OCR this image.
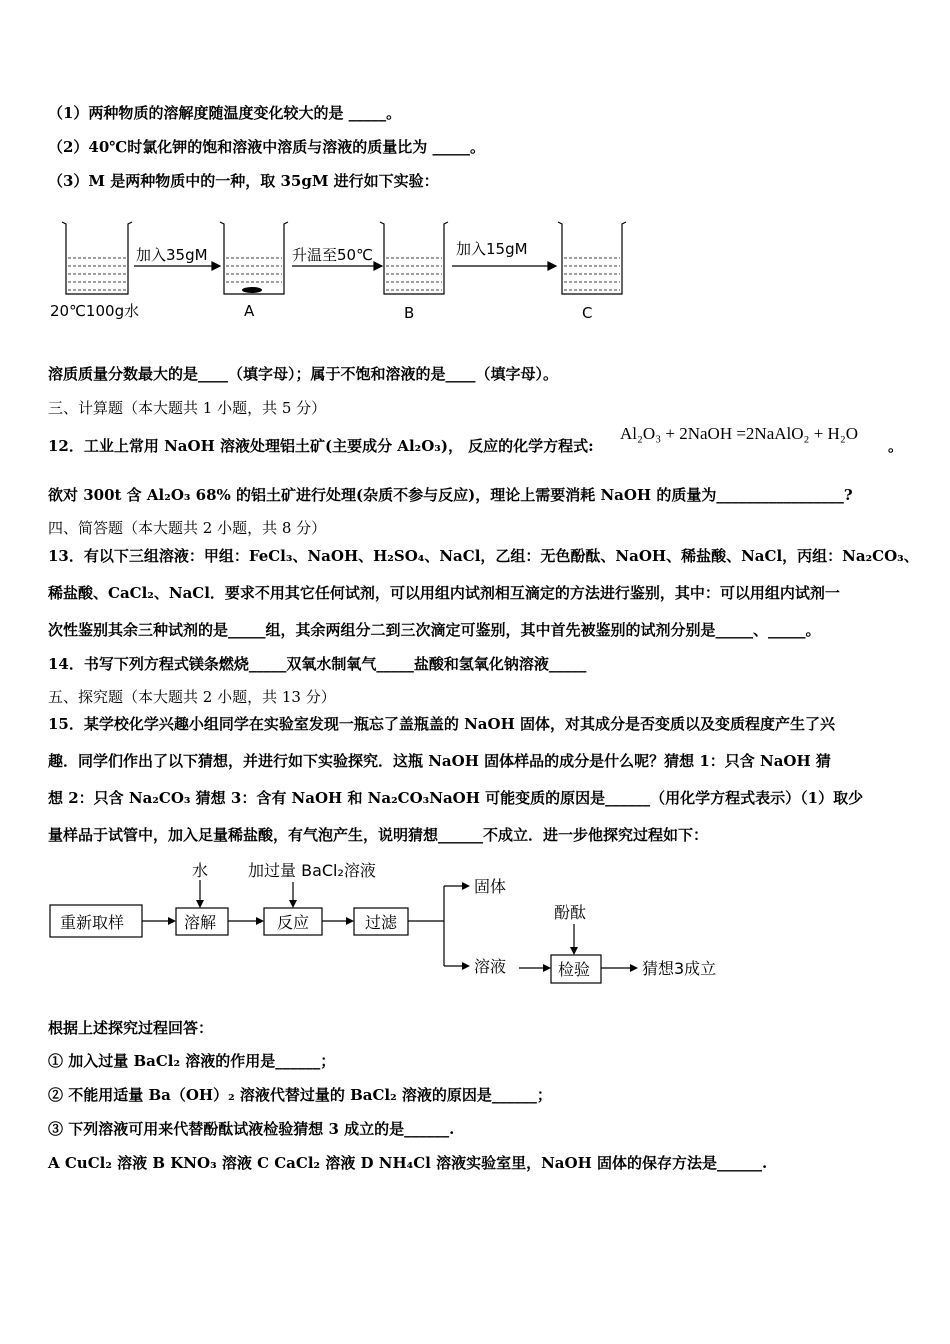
（1）两种物质的溶解度随温度变化较大的是 _____。
（2）40℃时氯化钾的饱和溶液中溶质与溶液的质量比为 _____。
（3）M 是两种物质中的一种，取 35gM 进行如下实验：
加入35gM	升温至50℃	加入15gM
20℃100g水	A	B	C
溶质质量分数最大的是____（填字母）；属于不饱和溶液的是____（填字母）。
三、计算题（本大题共 1 小题，共 5 分）
12．工业上常用 NaOH 溶液处理铝土矿(主要成分 Al₂O₃)， 反应的化学方程式:
Al₂O₃ + 2NaOH =2NaAlO₂ + H₂O
。
欲对 300t 含 Al₂O₃ 68% 的铝土矿进行处理(杂质不参与反应)，理论上需要消耗 NaOH 的质量为_________________?
四、简答题（本大题共 2 小题，共 8 分）
13．有以下三组溶液：甲组：FeCl₃、NaOH、H₂SO₄、NaCl，乙组：无色酚酞、NaOH、稀盐酸、NaCl，丙组：Na₂CO₃、
稀盐酸、CaCl₂、NaCl．要求不用其它任何试剂，可以用组内试剂相互滴定的方法进行鉴别，其中：可以用组内试剂一
次性鉴别其余三种试剂的是_____组，其余两组分二到三次滴定可鉴别，其中首先被鉴别的试剂分别是_____、_____。
14．书写下列方程式镁条燃烧_____双氧水制氧气_____盐酸和氢氧化钠溶液_____
五、探究题（本大题共 2 小题，共 13 分）
15．某学校化学兴趣小组同学在实验室发现一瓶忘了盖瓶盖的 NaOH 固体，对其成分是否变质以及变质程度产生了兴
趣．同学们作出了以下猜想，并进行如下实验探究．这瓶 NaOH 固体样品的成分是什么呢？猜想 1：只含 NaOH 猜
想 2：只含 Na₂CO₃ 猜想 3：含有 NaOH 和 Na₂CO₃NaOH 可能变质的原因是______（用化学方程式表示）（1）取少
量样品于试管中，加入足量稀盐酸，有气泡产生，说明猜想______不成立．进一步他探究过程如下：
重新取样	溶解	反应	过滤
检验
水 加过量 BaCl₂溶液
酚酞
固体
溶液	猜想3成立
根据上述探究过程回答：
① 加入过量 BaCl₂ 溶液的作用是______；
② 不能用适量 Ba（OH）₂ 溶液代替过量的 BaCl₂ 溶液的原因是______；
③ 下列溶液可用来代替酚酞试液检验猜想 3 成立的是______.
A CuCl₂ 溶液 B KNO₃ 溶液 C CaCl₂ 溶液 D NH₄Cl 溶液实验室里，NaOH 固体的保存方法是______.
